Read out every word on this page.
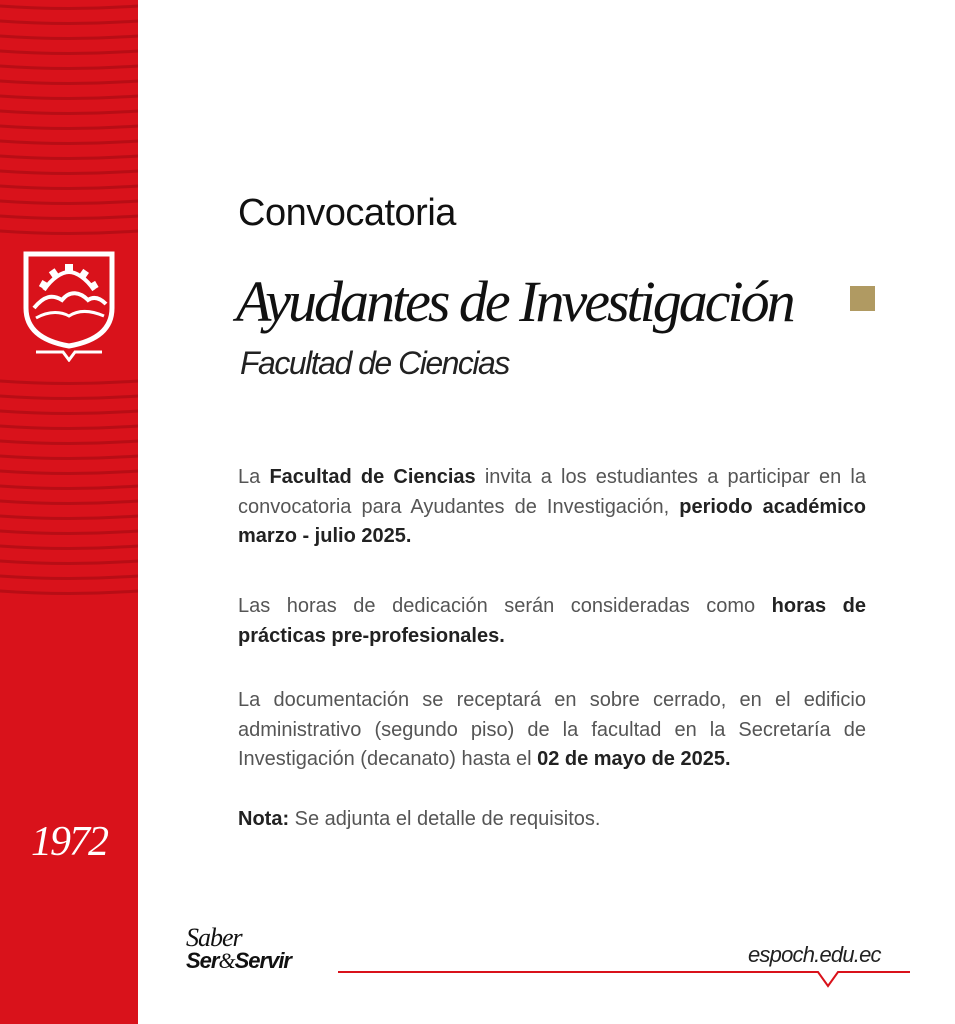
1972
Convocatoria
Ayudantes de Investigación
Facultad de Ciencias

La Facultad de Ciencias invita a los estudiantes a participar en la convocatoria para Ayudantes de Investigación, periodo académico marzo - julio 2025.

Las horas de dedicación serán consideradas como horas de prácticas pre-profesionales.

La documentación se receptará en sobre cerrado, en el edificio administrativo (segundo piso) de la facultad en la Secretaría de Investigación (decanato) hasta el 02 de mayo de 2025.

Nota: Se adjunta el detalle de requisitos.

Saber
Ser&Servir	espoch.edu.ec
